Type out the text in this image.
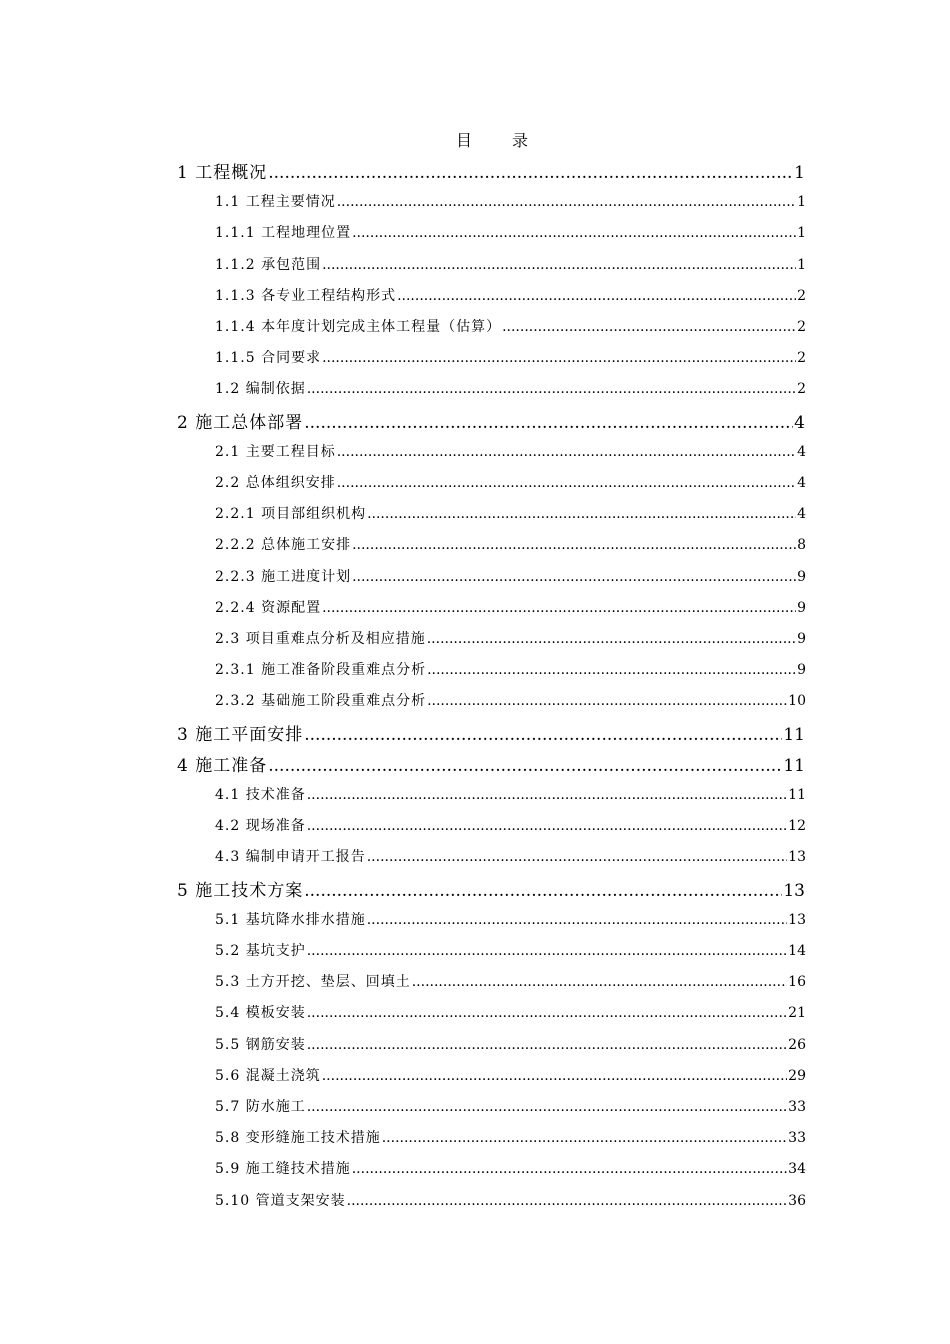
目录
1 工程概况 .....	1
1.1 工程主要情况 .....	1
1.1.1 工程地理位置 .....	1
1.1.2 承包范围 .....	1
1.1.3 各专业工程结构形式 .....	2
1.1.4 本年度计划完成主体工程量（估算） .....	2
1.1.5 合同要求 .....	2
1.2 编制依据 .....	2
2 施工总体部署 .....	4
2.1 主要工程目标 .....	4
2.2 总体组织安排 .....	4
2.2.1 项目部组织机构 .....	4
2.2.2 总体施工安排 .....	8
2.2.3 施工进度计划 .....	9
2.2.4 资源配置 .....	9
2.3 项目重难点分析及相应措施 .....	9
2.3.1 施工准备阶段重难点分析 .....	9
2.3.2 基础施工阶段重难点分析 .....	10
3 施工平面安排 .....	11
4 施工准备 .....	11
4.1 技术准备 .....	11
4.2 现场准备 .....	12
4.3 编制申请开工报告 .....	13
5 施工技术方案 .....	13
5.1 基坑降水排水措施 .....	13
5.2 基坑支护 .....	14
5.3 土方开挖、垫层、回填土 .....	16
5.4 模板安装 .....	21
5.5 钢筋安装 .....	26
5.6 混凝土浇筑 .....	29
5.7 防水施工 .....	33
5.8 变形缝施工技术措施 .....	33
5.9 施工缝技术措施 .....	34
5.10 管道支架安装 .....	36
